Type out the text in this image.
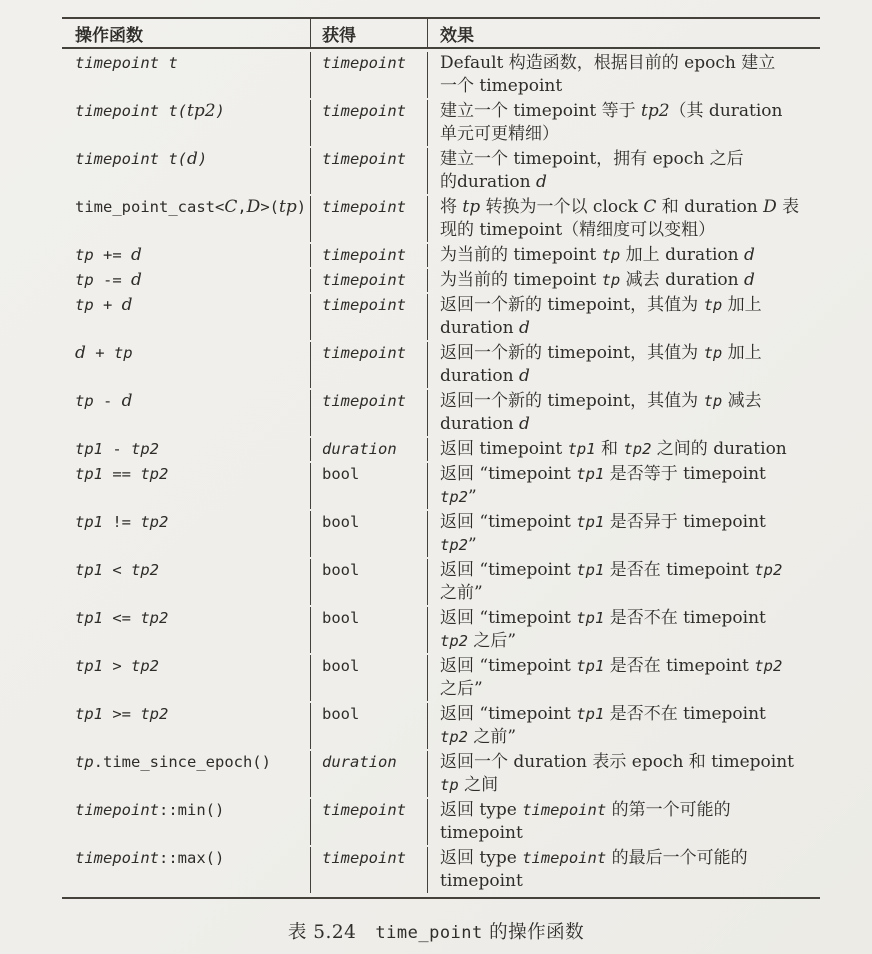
操作函数	获得	效果
timepoint t	timepoint	Default 构造函数，根据目前的 epoch 建立
一个 timepoint
timepoint t(tp2)	timepoint	建立一个 timepoint 等于 tp2（其 duration
单元可更精细）
timepoint t(d)	timepoint	建立一个 timepoint，拥有 epoch 之后
的duration d
time_point_cast<C,D>(tp)	timepoint	将 tp 转换为一个以 clock C 和 duration D 表
现的 timepoint（精细度可以变粗）
tp += d	timepoint	为当前的 timepoint tp 加上 duration d
tp -= d	timepoint	为当前的 timepoint tp 减去 duration d
tp + d	timepoint	返回一个新的 timepoint，其值为 tp 加上
duration d
d + tp	timepoint	返回一个新的 timepoint，其值为 tp 加上
duration d
tp - d	timepoint	返回一个新的 timepoint，其值为 tp 减去
duration d
tp1 - tp2	duration	返回 timepoint tp1 和 tp2 之间的 duration
tp1 == tp2	bool	返回 “timepoint tp1 是否等于 timepoint
tp2”
tp1 != tp2	bool	返回 “timepoint tp1 是否异于 timepoint
tp2”
tp1 < tp2	bool	返回 “timepoint tp1 是否在 timepoint tp2
之前”
tp1 <= tp2	bool	返回 “timepoint tp1 是否不在 timepoint
tp2 之后”
tp1 > tp2	bool	返回 “timepoint tp1 是否在 timepoint tp2
之后”
tp1 >= tp2	bool	返回 “timepoint tp1 是否不在 timepoint
tp2 之前”
tp.time_since_epoch()	duration	返回一个 duration 表示 epoch 和 timepoint
tp 之间
timepoint::min()	timepoint	返回 type timepoint 的第一个可能的
timepoint
timepoint::max()	timepoint	返回 type timepoint 的最后一个可能的
timepoint
表 5.24　time_point 的操作函数
